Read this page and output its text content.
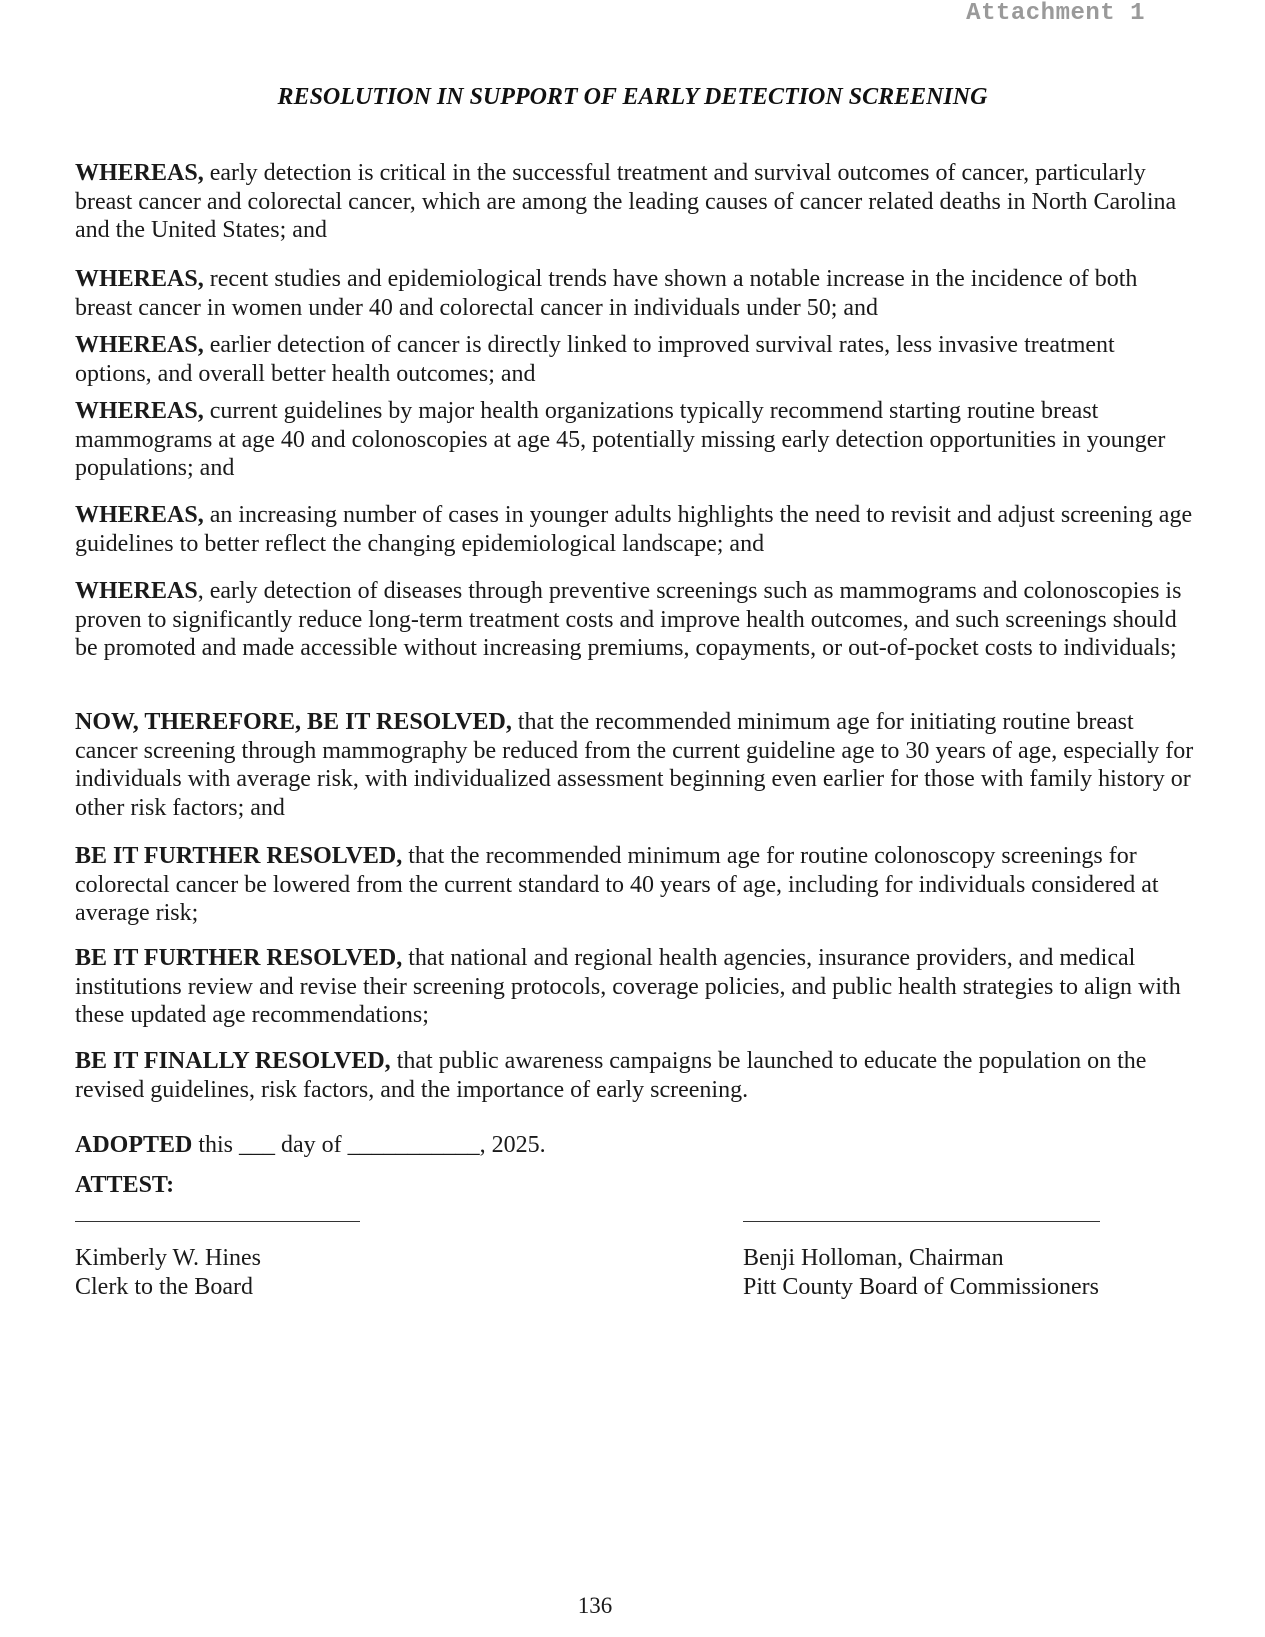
Attachment 1
RESOLUTION IN SUPPORT OF EARLY DETECTION SCREENING

WHEREAS, early detection is critical in the successful treatment and survival outcomes of cancer, particularly breast cancer and colorectal cancer, which are among the leading causes of cancer related deaths in North Carolina and the United States; and

WHEREAS, recent studies and epidemiological trends have shown a notable increase in the incidence of both breast cancer in women under 40 and colorectal cancer in individuals under 50; and

WHEREAS, earlier detection of cancer is directly linked to improved survival rates, less invasive treatment options, and overall better health outcomes; and

WHEREAS, current guidelines by major health organizations typically recommend starting routine breast mammograms at age 40 and colonoscopies at age 45, potentially missing early detection opportunities in younger populations; and

WHEREAS, an increasing number of cases in younger adults highlights the need to revisit and adjust screening age guidelines to better reflect the changing epidemiological landscape; and

WHEREAS, early detection of diseases through preventive screenings such as mammograms and colonoscopies is proven to significantly reduce long-term treatment costs and improve health outcomes, and such screenings should be promoted and made accessible without increasing premiums, copayments, or out-of-pocket costs to individuals;

NOW, THEREFORE, BE IT RESOLVED, that the recommended minimum age for initiating routine breast cancer screening through mammography be reduced from the current guideline age to 30 years of age, especially for individuals with average risk, with individualized assessment beginning even earlier for those with family history or other risk factors; and

BE IT FURTHER RESOLVED, that the recommended minimum age for routine colonoscopy screenings for colorectal cancer be lowered from the current standard to 40 years of age, including for individuals considered at average risk;

BE IT FURTHER RESOLVED, that national and regional health agencies, insurance providers, and medical institutions review and revise their screening protocols, coverage policies, and public health strategies to align with these updated age recommendations;

BE IT FINALLY RESOLVED, that public awareness campaigns be launched to educate the population on the revised guidelines, risk factors, and the importance of early screening.

ADOPTED this ___ day of ___________, 2025.
ATTEST:
Kimberly W. Hines
Clerk to the Board
Benji Holloman, Chairman
Pitt County Board of Commissioners
136
